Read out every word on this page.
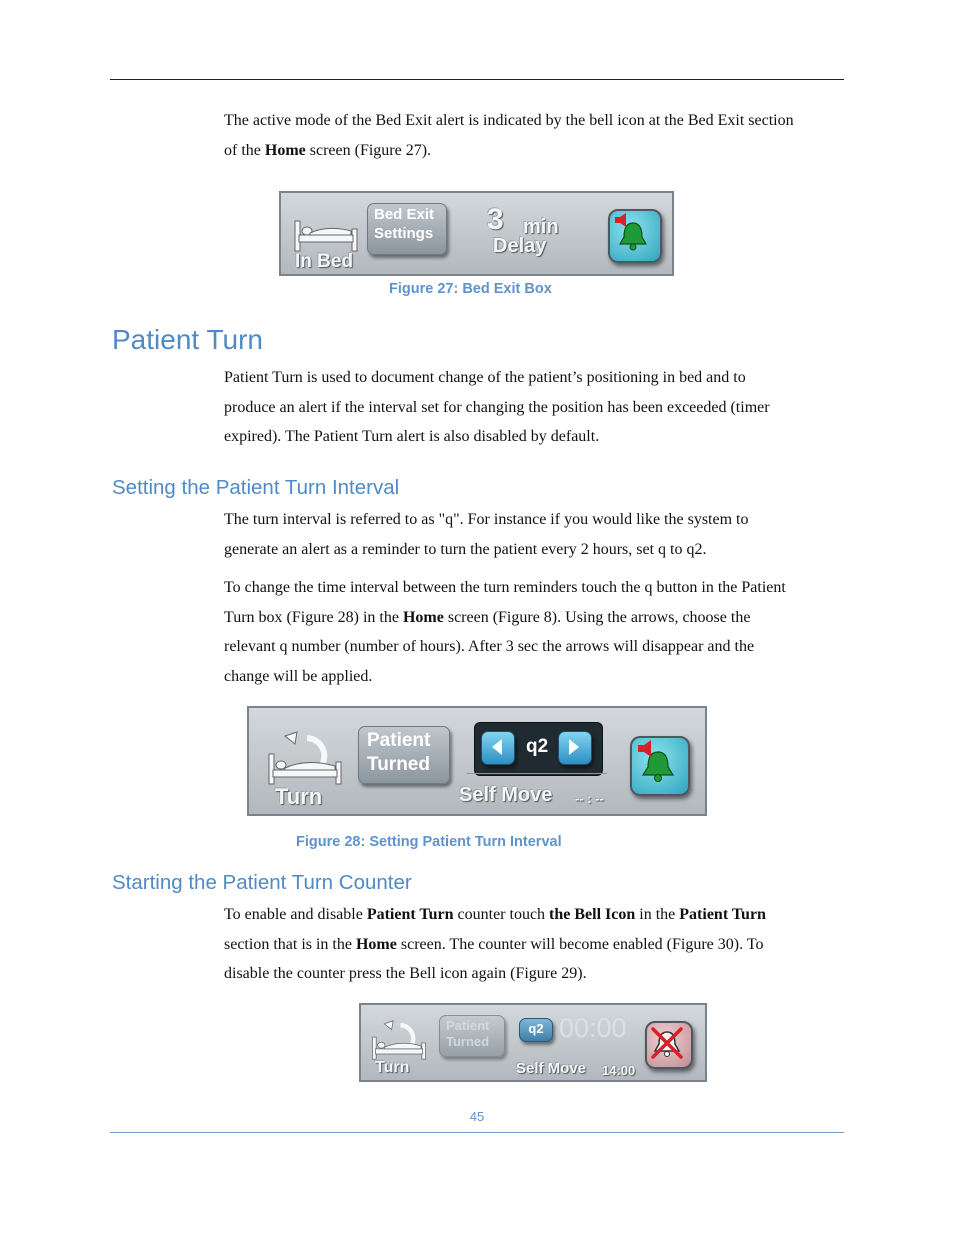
The active mode of the Bed Exit alert is indicated by the bell icon at the Bed Exit section
of the Home screen (Figure 27).
In Bed
Bed Exit
Settings 3 min
Delay
Figure 27: Bed Exit Box
Patient Turn
Patient Turn is used to document change of the patient’s positioning in bed and to
produce an alert if the interval set for changing the position has been exceeded (timer
expired). The Patient Turn alert is also disabled by default.
Setting the Patient Turn Interval
The turn interval is referred to as "q". For instance if you would like the system to
generate an alert as a reminder to turn the patient every 2 hours, set q to q2.
To change the time interval between the turn reminders touch the q button in the Patient
Turn box (Figure 28) in the Home screen (Figure 8). Using the arrows, choose the
relevant q number (number of hours). After 3 sec the arrows will disappear and the
change will be applied.
Turn
Patient
Turned
q2
Self Move -- : --
Figure 28: Setting Patient Turn Interval
Starting the Patient Turn Counter
To enable and disable Patient Turn counter touch the Bell Icon in the Patient Turn
section that is in the Home screen. The counter will become enabled (Figure 30). To
disable the counter press the Bell icon again (Figure 29).
Turn
Patient
Turned
q2 00:00
Self Move 14:00
45
